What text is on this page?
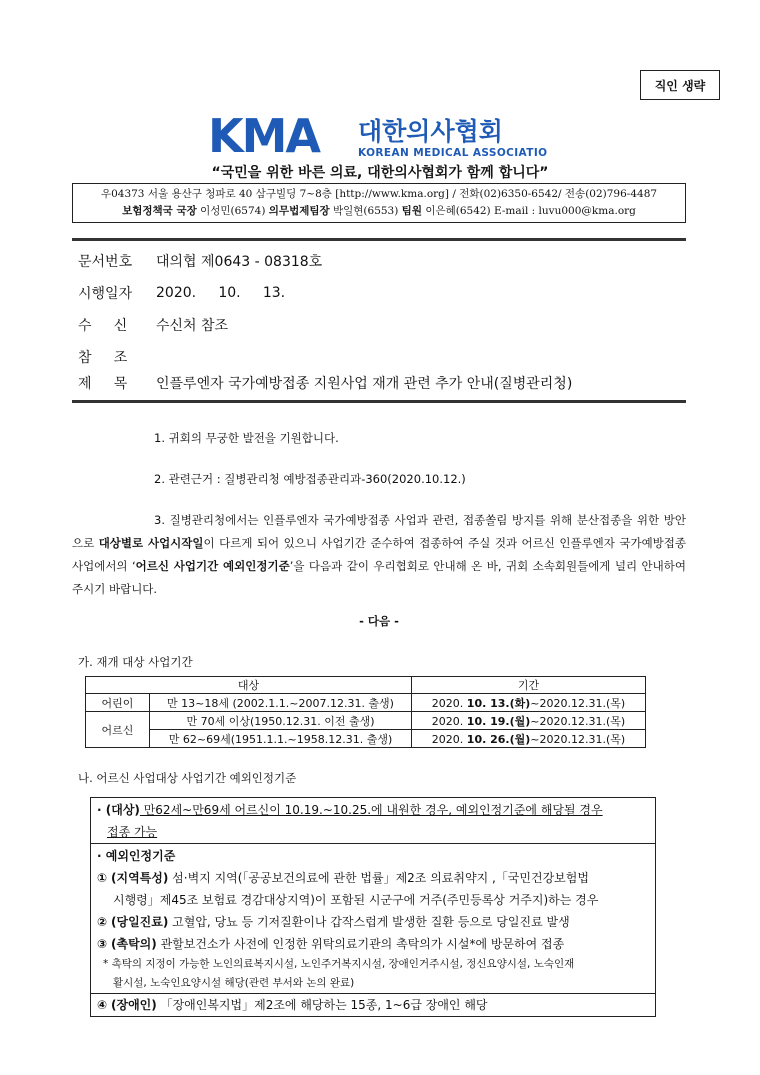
직인 생략
KMA 대한의사협회
KOREAN MEDICAL ASSOCIATION
“국민을 위한 바른 의료, 대한의사협회가 함께 합니다”
우04373 서울 용산구 청파로 40 삼구빌딩 7~8층 [http://www.kma.org] / 전화(02)6350-6542/ 전송(02)796-4487
보험정책국 국장 이성민(6574) 의무법제팀장 박일현(6553) 팀원 이은혜(6542) E-mail : luvu000@kma.org
문서번호	대의협 제0643 - 08318호
시행일자	2020.     10.     13.
수     신	수신처 참조
참     조
제     목	인플루엔자 국가예방접종 지원사업 재개 관련 추가 안내(질병관리청)

1. 귀회의 무궁한 발전을 기원합니다.

2. 관련근거 : 질병관리청 예방접종관리과-360(2020.10.12.)

3. 질병관리청에서는 인플루엔자 국가예방접종 사업과 관련, 접종쏠림 방지를 위해 분산접종을 위한 방안으로 대상별로 사업시작일이 다르게 되어 있으니 사업기간 준수하여 접종하여 주실 것과 어르신 인플루엔자 국가예방접종사업에서의 ‘어르신 사업기간 예외인정기준’을 다음과 같이 우리협회로 안내해 온 바, 귀회 소속회원들에게 널리 안내하여 주시기 바랍니다.

- 다음 -
가. 재개 대상 사업기간
대상		기간
어린이	만 13~18세 (2002.1.1.~2007.12.31. 출생)	2020. 10. 13.(화)~2020.12.31.(목)
어르신	만 70세 이상(1950.12.31. 이전 출생)	2020. 10. 19.(월)~2020.12.31.(목)
	만 62~69세(1951.1.1.~1958.12.31. 출생)	2020. 10. 26.(월)~2020.12.31.(목)
나. 어르신 사업대상 사업기간 예외인정기준
· (대상) 만62세~만69세 어르신이 10.19.~10.25.에 내원한 경우, 예외인정기준에 해당될 경우
접종 가능
· 예외인정기준
① (지역특성) 섬·벽지 지역(「공공보건의료에 관한 법률」제2조 의료취약지 ,「국민건강보험법
시행령」제45조 보험료 경감대상지역)이 포함된 시군구에 거주(주민등록상 거주지)하는 경우
② (당일진료) 고혈압, 당뇨 등 기저질환이나 갑작스럽게 발생한 질환 등으로 당일진료 발생
③ (촉탁의) 관할보건소가 사전에 인정한 위탁의료기관의 촉탁의가 시설*에 방문하여 접종
* 촉탁의 지정이 가능한 노인의료복지시설, 노인주거복지시설, 장애인거주시설, 정신요양시설, 노숙인재
활시설, 노숙인요양시설 해당(관련 부서와 논의 완료)
④ (장애인) 「장애인복지법」제2조에 해당하는 15종, 1~6급 장애인 해당
